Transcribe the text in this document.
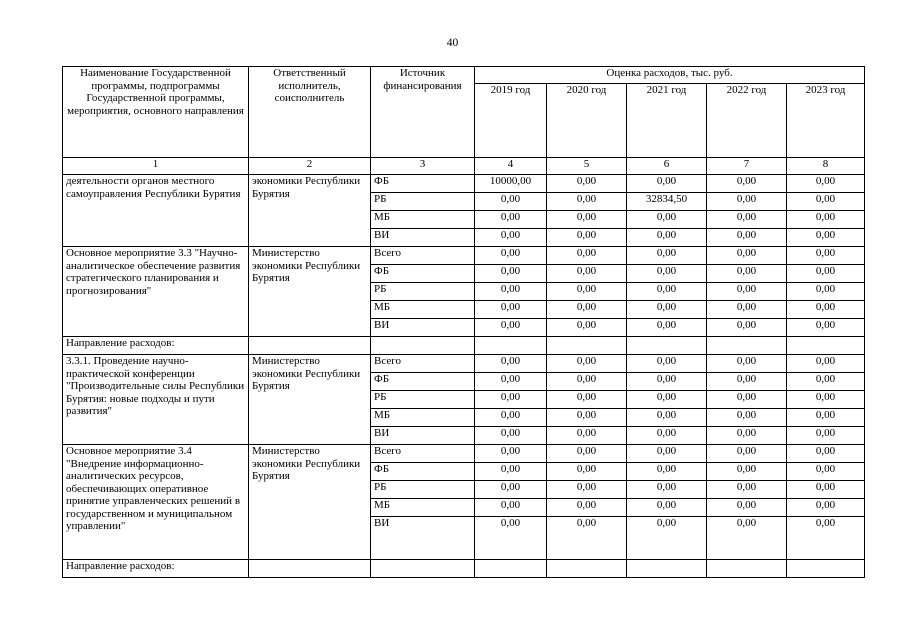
40
Наименование Государственной программы, подпрограммы Государственной программы, мероприятия, основного направления	Ответственный исполнитель, соисполнитель	Источник финансирования	Оценка расходов, тыс. руб.				
			2019 год	2020 год	2021 год	2022 год	2023 год
1	2	3	4	5	6	7	8
деятельности органов местного самоуправления Республики Бурятия	экономики Республики Бурятия	ФБ	10000,00	0,00	0,00	0,00	0,00
		РБ	0,00	0,00	32834,50	0,00	0,00
		МБ	0,00	0,00	0,00	0,00	0,00
		ВИ	0,00	0,00	0,00	0,00	0,00
Основное мероприятие 3.3 "Научно-аналитическое обеспечение развития стратегического планирования и прогнозирования"	Министерство экономики Республики Бурятия	Всего	0,00	0,00	0,00	0,00	0,00
		ФБ	0,00	0,00	0,00	0,00	0,00
		РБ	0,00	0,00	0,00	0,00	0,00
		МБ	0,00	0,00	0,00	0,00	0,00
		ВИ	0,00	0,00	0,00	0,00	0,00
Направление расходов:							
3.3.1. Проведение научно-практической конференции "Производительные силы Республики Бурятия: новые подходы и пути развития"	Министерство экономики Республики Бурятия	Всего	0,00	0,00	0,00	0,00	0,00
		ФБ	0,00	0,00	0,00	0,00	0,00
		РБ	0,00	0,00	0,00	0,00	0,00
		МБ	0,00	0,00	0,00	0,00	0,00
		ВИ	0,00	0,00	0,00	0,00	0,00
Основное мероприятие 3.4 "Внедрение информационно-аналитических ресурсов, обеспечивающих оперативное принятие управленческих решений в государственном и муниципальном управлении"	Министерство экономики Республики Бурятия	Всего	0,00	0,00	0,00	0,00	0,00
		ФБ	0,00	0,00	0,00	0,00	0,00
		РБ	0,00	0,00	0,00	0,00	0,00
		МБ	0,00	0,00	0,00	0,00	0,00
		ВИ	0,00	0,00	0,00	0,00	0,00
Направление расходов:							
